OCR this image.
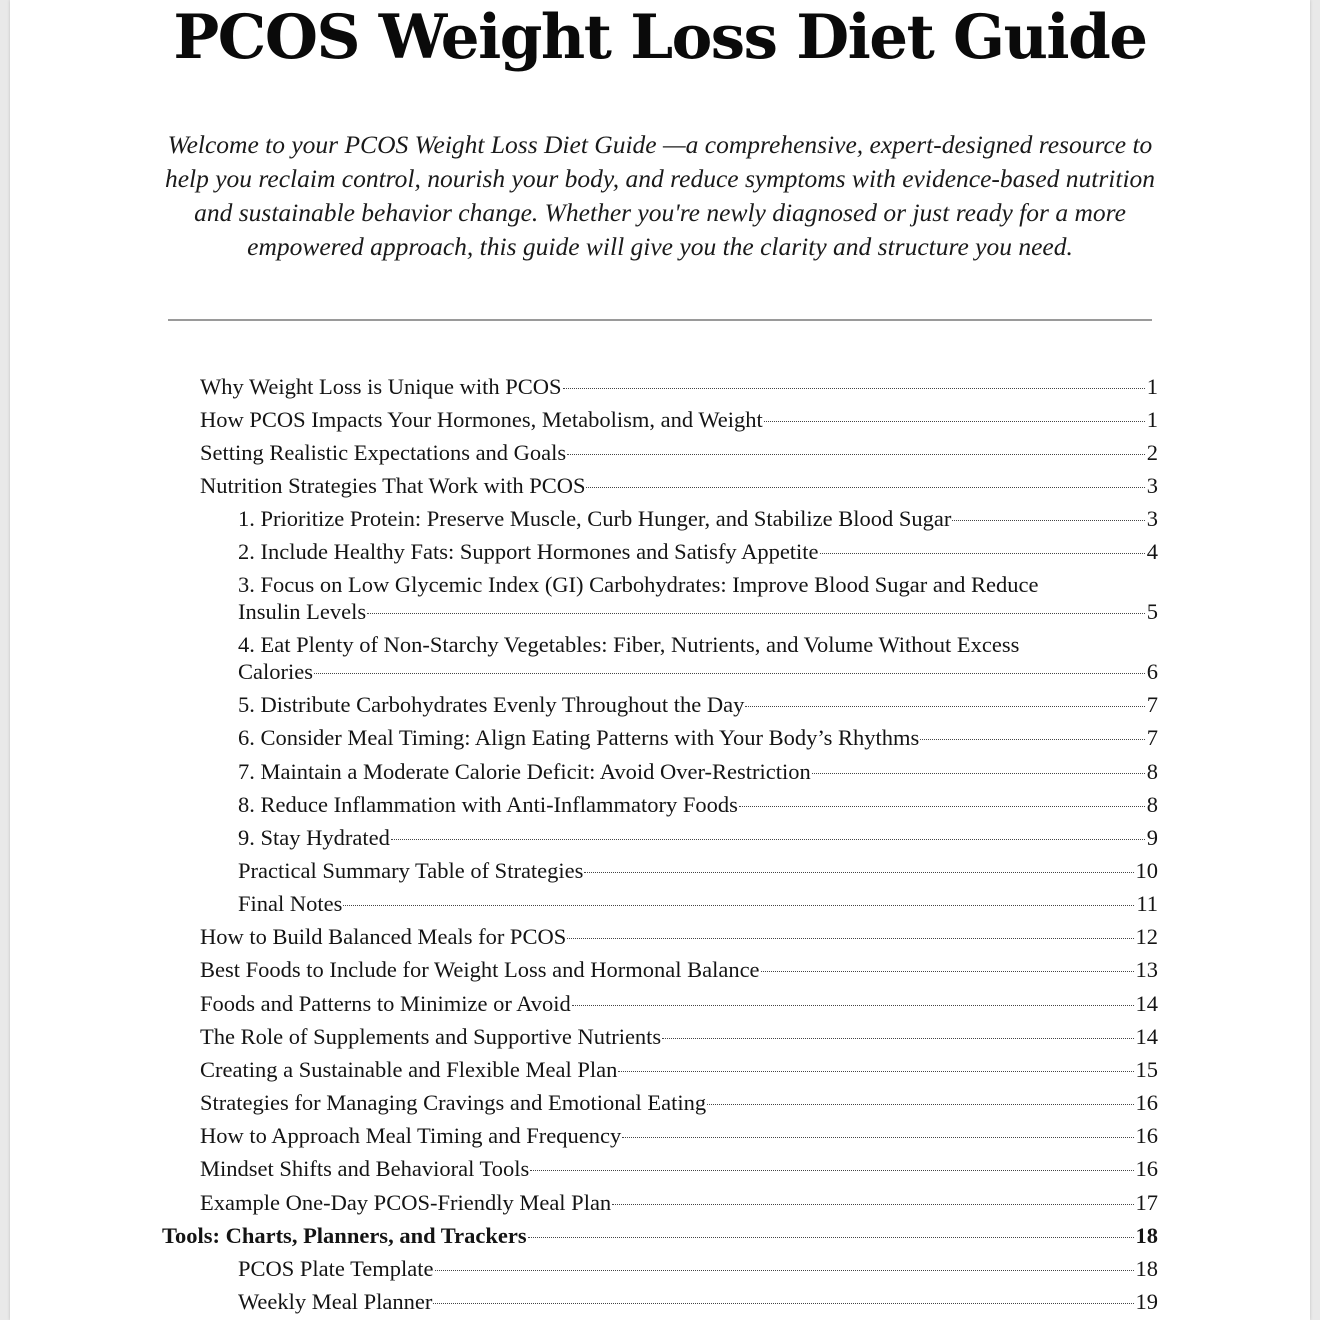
PCOS Weight Loss Diet Guide

Welcome to your PCOS Weight Loss Diet Guide —a comprehensive, expert-designed resource to help you reclaim control, nourish your body, and reduce symptoms with evidence-based nutrition and sustainable behavior change. Whether you're newly diagnosed or just ready for a more empowered approach, this guide will give you the clarity and structure you need.

Why Weight Loss is Unique with PCOS	1
How PCOS Impacts Your Hormones, Metabolism, and Weight	1
Setting Realistic Expectations and Goals	2
Nutrition Strategies That Work with PCOS	3
1. Prioritize Protein: Preserve Muscle, Curb Hunger, and Stabilize Blood Sugar	3
2. Include Healthy Fats: Support Hormones and Satisfy Appetite	4
3. Focus on Low Glycemic Index (GI) Carbohydrates: Improve Blood Sugar and Reduce
Insulin Levels	5
4. Eat Plenty of Non-Starchy Vegetables: Fiber, Nutrients, and Volume Without Excess
Calories	6
5. Distribute Carbohydrates Evenly Throughout the Day	7
6. Consider Meal Timing: Align Eating Patterns with Your Body’s Rhythms	7
7. Maintain a Moderate Calorie Deficit: Avoid Over-Restriction	8
8. Reduce Inflammation with Anti-Inflammatory Foods	8
9. Stay Hydrated	9
Practical Summary Table of Strategies	10
Final Notes	11
How to Build Balanced Meals for PCOS	12
Best Foods to Include for Weight Loss and Hormonal Balance	13
Foods and Patterns to Minimize or Avoid	14
The Role of Supplements and Supportive Nutrients	14
Creating a Sustainable and Flexible Meal Plan	15
Strategies for Managing Cravings and Emotional Eating	16
How to Approach Meal Timing and Frequency	16
Mindset Shifts and Behavioral Tools	16
Example One-Day PCOS-Friendly Meal Plan	17
Tools: Charts, Planners, and Trackers	18
PCOS Plate Template	18
Weekly Meal Planner	19
